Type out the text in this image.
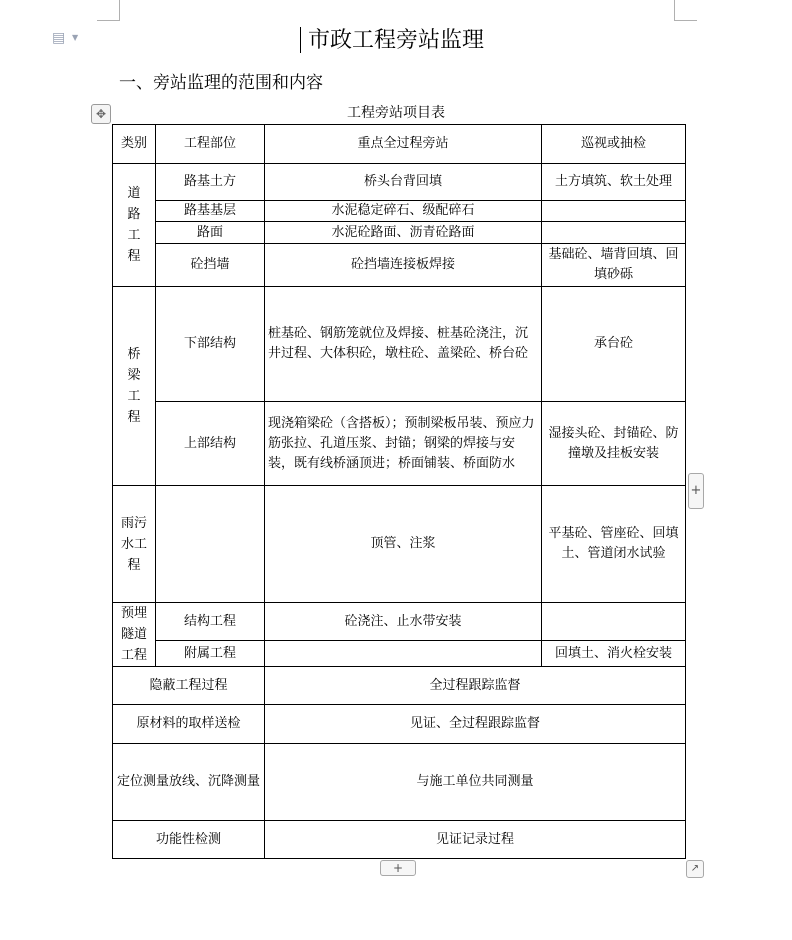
▤ ▼	市政工程旁站监理
一、旁站监理的范围和内容
工程旁站项目表
✥
类别	工程部位	重点全过程旁站	巡视或抽检
道路工程	路基土方	桥头台背回填	土方填筑、软土处理
	路基基层	水泥稳定碎石、级配碎石	
	路面	水泥砼路面、沥青砼路面	
	砼挡墙	砼挡墙连接板焊接	基础砼、墙背回填、回填砂砾
桥梁工程	下部结构	桩基砼、钢筋笼就位及焊接、桩基砼浇注，沉井过程、大体积砼，墩柱砼、盖梁砼、桥台砼	承台砼
	上部结构	现浇箱梁砼（含搭板）；预制梁板吊装、预应力筋张拉、孔道压浆、封锚；钢梁的焊接与安装，既有线桥涵顶进；桥面铺装、桥面防水	湿接头砼、封锚砼、防撞墩及挂板安装
雨污水工程		顶管、注浆	平基砼、管座砼、回填土、管道闭水试验
预埋隧道工程	结构工程	砼浇注、止水带安装	
	附属工程		回填土、消火栓安装
隐蔽工程过程		全过程跟踪监督	
原材料的取样送检		见证、全过程跟踪监督	
定位测量放线、沉降测量		与施工单位共同测量	
功能性检测		见证记录过程	
+
+	↗
